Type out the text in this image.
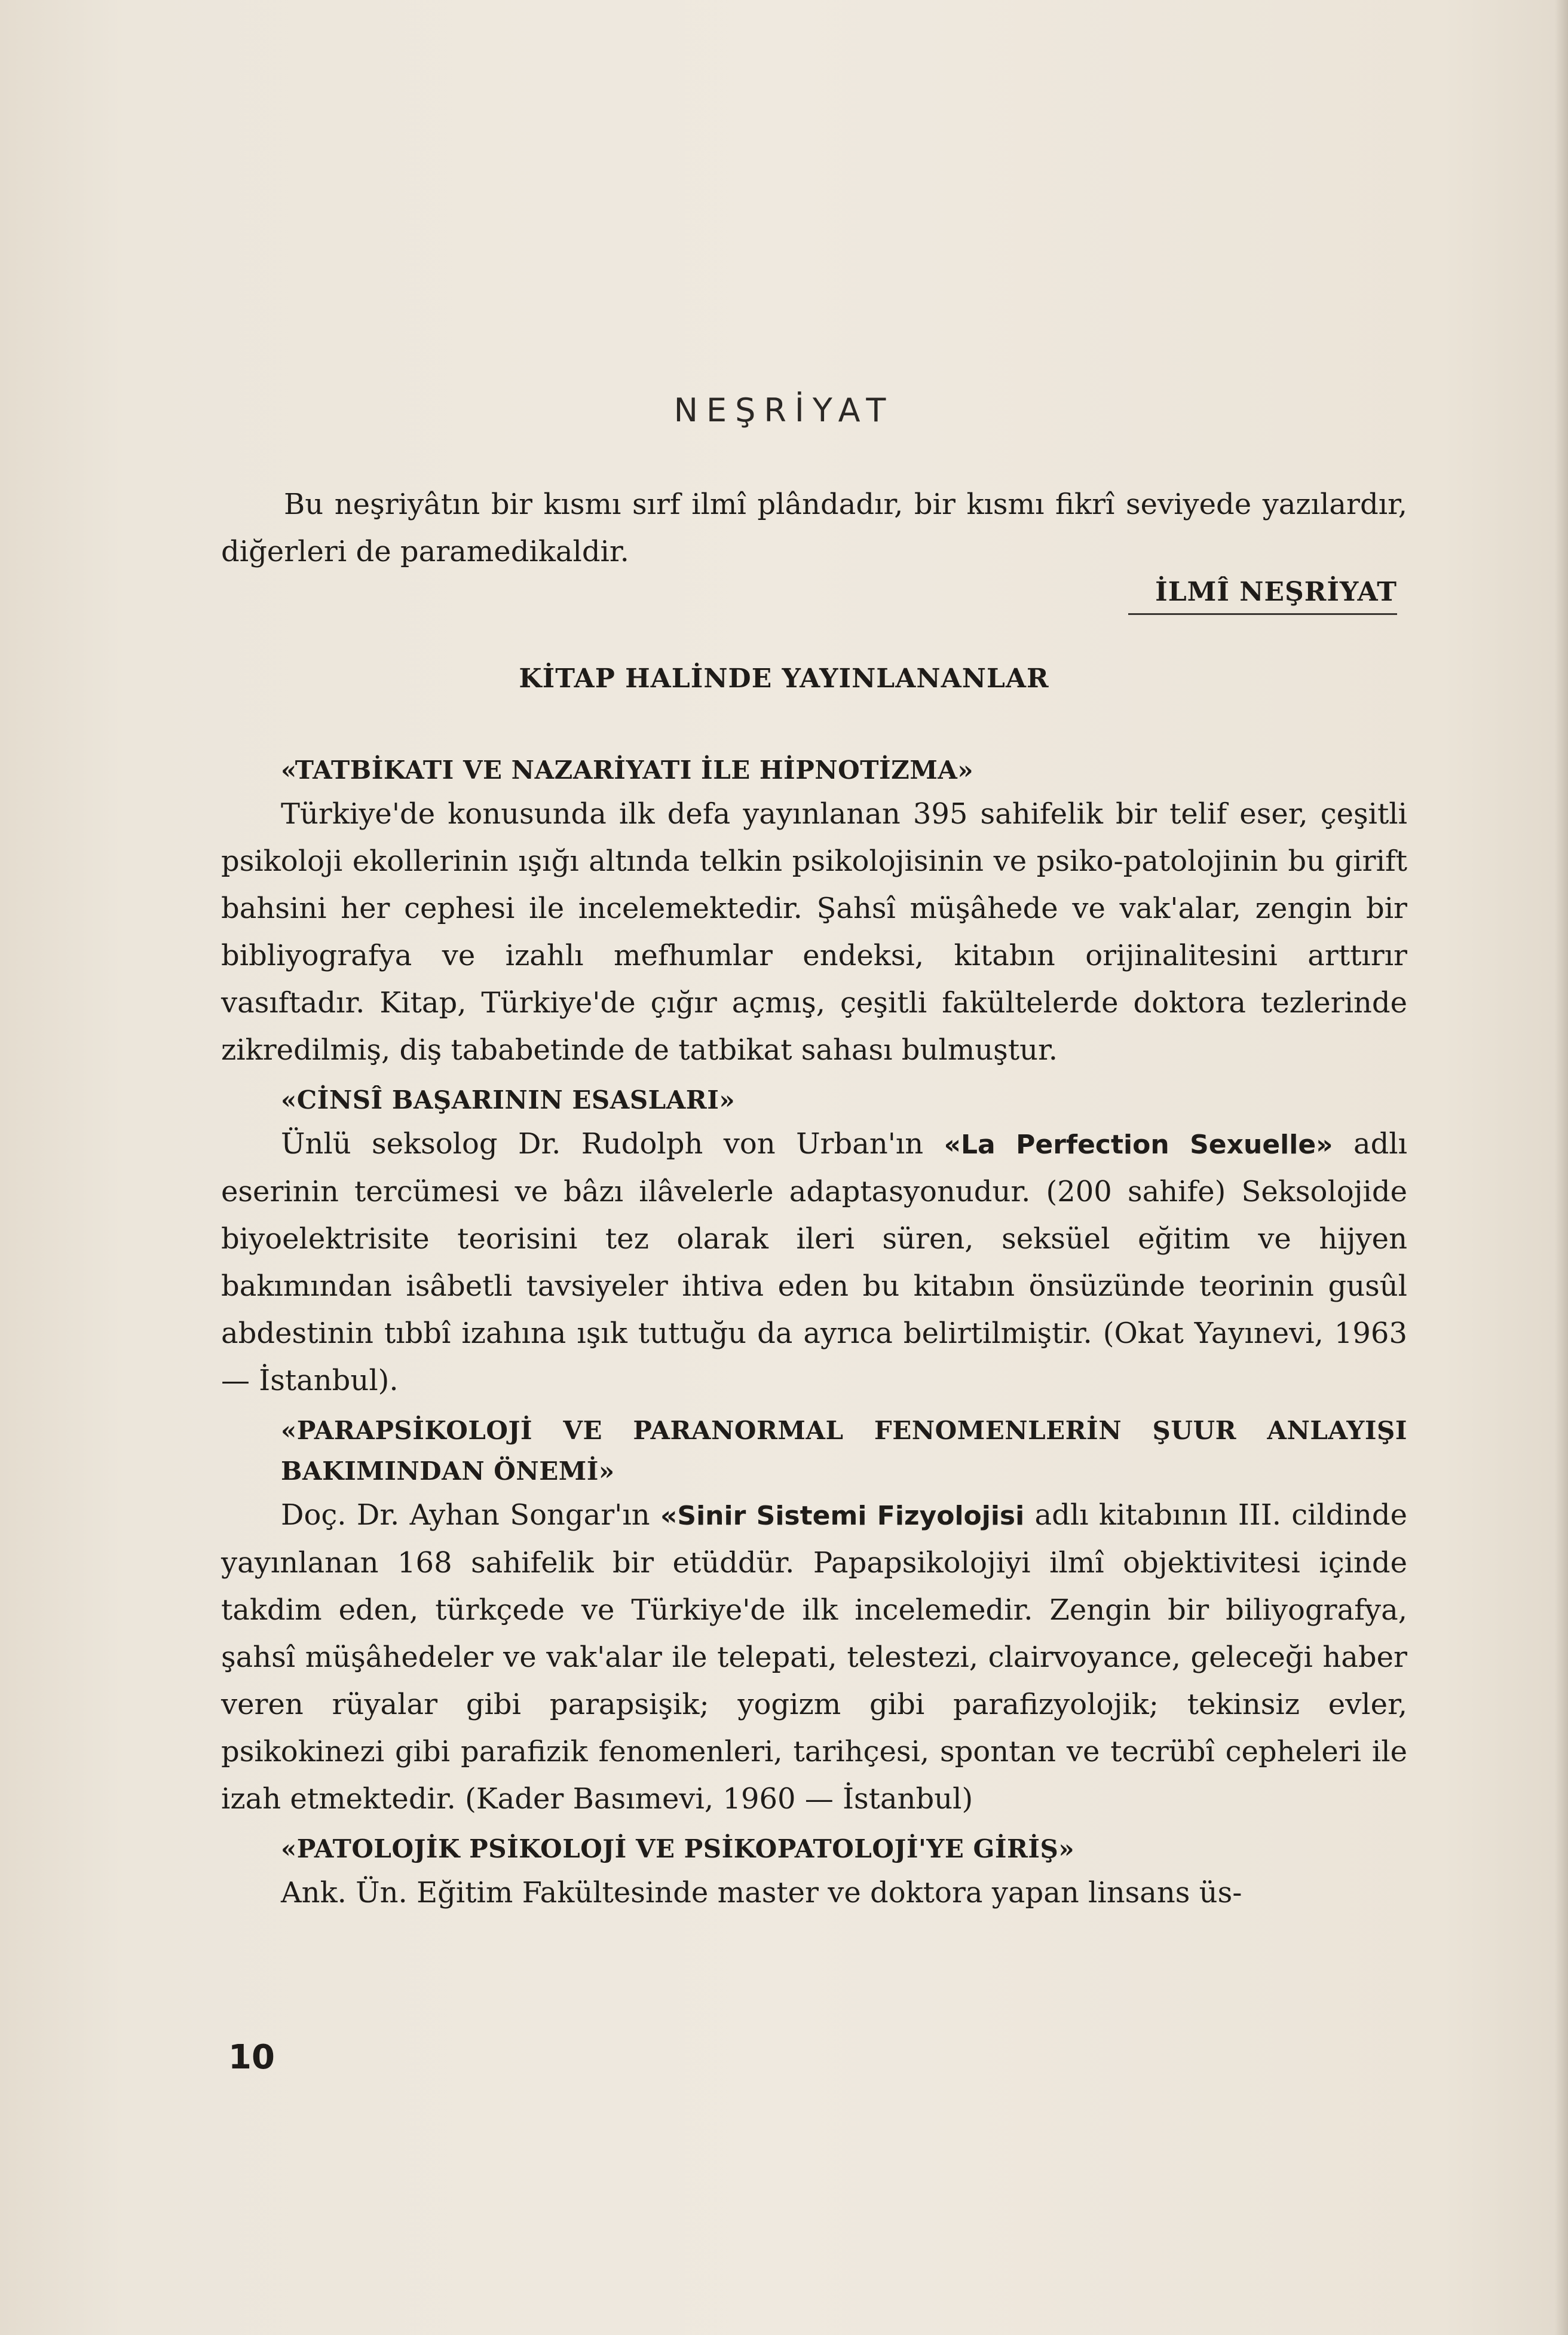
NEŞRİYAT

Bu neşriyâtın bir kısmı sırf ilmî plândadır, bir kısmı fikrî seviyede yazılardır, diğerleri de paramedikaldir.

İLMÎ NEŞRİYAT
KİTAP HALİNDE YAYINLANANLAR

«TATBİKATI VE NAZARİYATI İLE HİPNOTİZMA»

Türkiye'de konusunda ilk defa yayınlanan 395 sahifelik bir telif eser, çeşitli psikoloji ekollerinin ışığı altında telkin psikolojisinin ve psiko-patolojinin bu girift bahsini her cephesi ile incelemektedir. Şahsî müşâhede ve vak'alar, zengin bir bibliyografya ve izahlı mefhumlar endeksi, kitabın orijinalitesini arttırır vasıftadır. Kitap, Türkiye'de çığır açmış, çeşitli fakültelerde doktora tezlerinde zikredilmiş, diş tababetinde de tatbikat sahası bulmuştur.

«CİNSÎ BAŞARININ ESASLARI»

Ünlü seksolog Dr. Rudolph von Urban'ın «La Perfection Sexuelle» adlı eserinin tercümesi ve bâzı ilâvelerle adaptasyonudur. (200 sahife) Seksolojide biyoelektrisite teorisini tez olarak ileri süren, seksüel eğitim ve hijyen bakımından isâbetli tavsiyeler ihtiva eden bu kitabın önsüzünde teorinin gusûl abdestinin tıbbî izahına ışık tuttuğu da ayrıca belirtilmiştir. (Okat Yayınevi, 1963 — İstanbul).

«PARAPSİKOLOJİ VE PARANORMAL FENOMENLERİN ŞUUR ANLAYIŞI BAKIMINDAN ÖNEMİ»

Doç. Dr. Ayhan Songar'ın «Sinir Sistemi Fizyolojisi adlı kitabının III. cildinde yayınlanan 168 sahifelik bir etüddür. Papapsikolojiyi ilmî objektivitesi içinde takdim eden, türkçede ve Türkiye'de ilk incelemedir. Zengin bir biliyografya, şahsî müşâhedeler ve vak'alar ile telepati, telestezi, clairvoyance, geleceği haber veren rüyalar gibi parapsişik; yogizm gibi parafizyolojik; tekinsiz evler, psikokinezi gibi parafizik fenomenleri, tarihçesi, spontan ve tecrübî cepheleri ile izah etmektedir. (Kader Basımevi, 1960 — İstanbul)

«PATOLOJİK PSİKOLOJİ VE PSİKOPATOLOJİ'YE GİRİŞ»

Ank. Ün. Eğitim Fakültesinde master ve doktora yapan linsans üs-

10
